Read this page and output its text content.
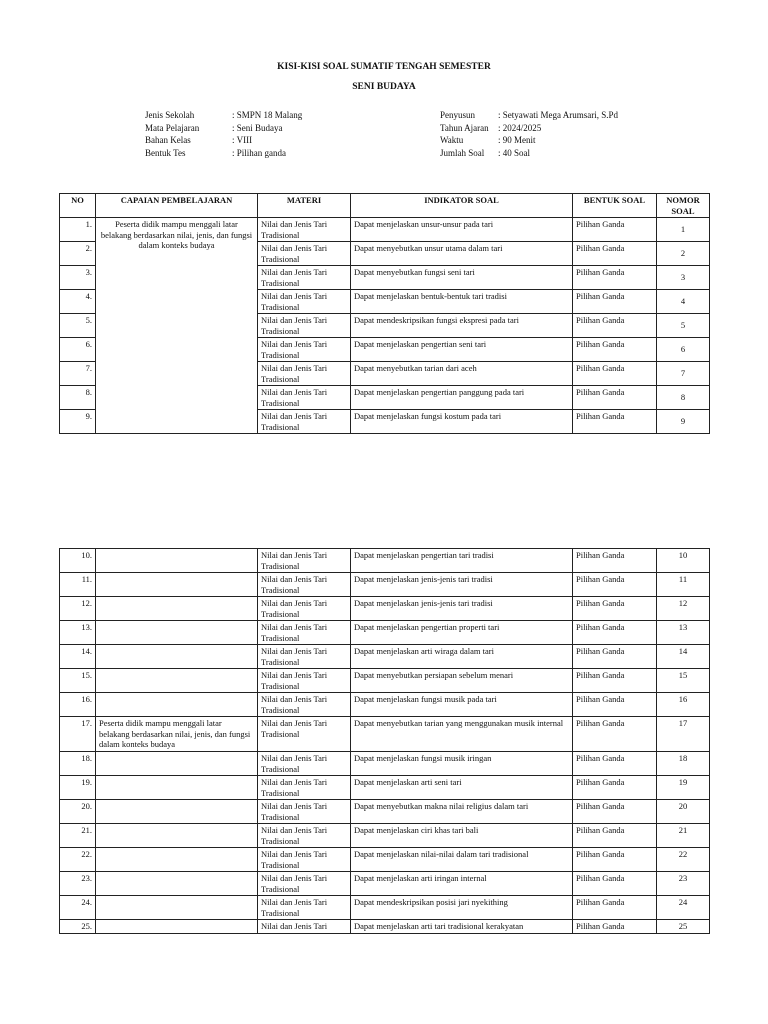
KISI-KISI SOAL SUMATIF TENGAH SEMESTER
SENI BUDAYA
Jenis Sekolah	: SMPN 18 Malang
Mata Pelajaran	: Seni Budaya
Bahan Kelas	: VIII
Bentuk Tes	: Pilihan ganda
Penyusun	: Setyawati Mega Arumsari, S.Pd
Tahun Ajaran	: 2024/2025
Waktu	: 90 Menit
Jumlah Soal	: 40 Soal
NO	CAPAIAN PEMBELAJARAN	MATERI	INDIKATOR SOAL	BENTUK SOAL	NOMOR SOAL
1.	Peserta didik mampu menggali latar belakang berdasarkan nilai, jenis, dan fungsi dalam konteks budaya	Nilai dan Jenis Tari Tradisional	Dapat menjelaskan unsur-unsur pada tari	Pilihan Ganda	1
2.		Nilai dan Jenis Tari Tradisional	Dapat menyebutkan unsur utama dalam tari	Pilihan Ganda	2
3.		Nilai dan Jenis Tari Tradisional	Dapat menyebutkan fungsi seni tari	Pilihan Ganda	3
4.		Nilai dan Jenis Tari Tradisional	Dapat menjelaskan bentuk-bentuk tari tradisi	Pilihan Ganda	4
5.		Nilai dan Jenis Tari Tradisional	Dapat mendeskripsikan fungsi ekspresi pada tari	Pilihan Ganda	5
6.		Nilai dan Jenis Tari Tradisional	Dapat menjelaskan pengertian seni tari	Pilihan Ganda	6
7.		Nilai dan Jenis Tari Tradisional	Dapat menyebutkan tarian dari aceh	Pilihan Ganda	7
8.		Nilai dan Jenis Tari Tradisional	Dapat menjelaskan pengertian panggung pada tari	Pilihan Ganda	8
9.		Nilai dan Jenis Tari Tradisional	Dapat menjelaskan fungsi kostum pada tari	Pilihan Ganda	9
10.		Nilai dan Jenis Tari Tradisional	Dapat menjelaskan pengertian tari tradisi	Pilihan Ganda	10
11.		Nilai dan Jenis Tari Tradisional	Dapat menjelaskan jenis-jenis tari tradisi	Pilihan Ganda	11
12.		Nilai dan Jenis Tari Tradisional	Dapat menjelaskan jenis-jenis tari tradisi	Pilihan Ganda	12
13.		Nilai dan Jenis Tari Tradisional	Dapat menjelaskan pengertian properti tari	Pilihan Ganda	13
14.		Nilai dan Jenis Tari Tradisional	Dapat menjelaskan arti wiraga dalam tari	Pilihan Ganda	14
15.		Nilai dan Jenis Tari Tradisional	Dapat menyebutkan persiapan sebelum menari	Pilihan Ganda	15
16.		Nilai dan Jenis Tari Tradisional	Dapat menjelaskan fungsi musik pada tari	Pilihan Ganda	16
17.	Peserta didik mampu menggali latar belakang berdasarkan nilai, jenis, dan fungsi dalam konteks budaya	Nilai dan Jenis Tari Tradisional	Dapat menyebutkan tarian yang menggunakan musik internal	Pilihan Ganda	17
18.		Nilai dan Jenis Tari Tradisional	Dapat menjelaskan fungsi musik iringan	Pilihan Ganda	18
19.		Nilai dan Jenis Tari Tradisional	Dapat menjelaskan arti seni tari	Pilihan Ganda	19
20.		Nilai dan Jenis Tari Tradisional	Dapat menyebutkan makna nilai religius dalam tari	Pilihan Ganda	20
21.		Nilai dan Jenis Tari Tradisional	Dapat menjelaskan ciri khas tari bali	Pilihan Ganda	21
22.		Nilai dan Jenis Tari Tradisional	Dapat menjelaskan nilai-nilai dalam tari tradisional	Pilihan Ganda	22
23.		Nilai dan Jenis Tari Tradisional	Dapat menjelaskan arti iringan internal	Pilihan Ganda	23
24.		Nilai dan Jenis Tari Tradisional	Dapat mendeskripsikan posisi jari nyekithing	Pilihan Ganda	24
25.		Nilai dan Jenis Tari	Dapat menjelaskan arti tari tradisional kerakyatan	Pilihan Ganda	25
